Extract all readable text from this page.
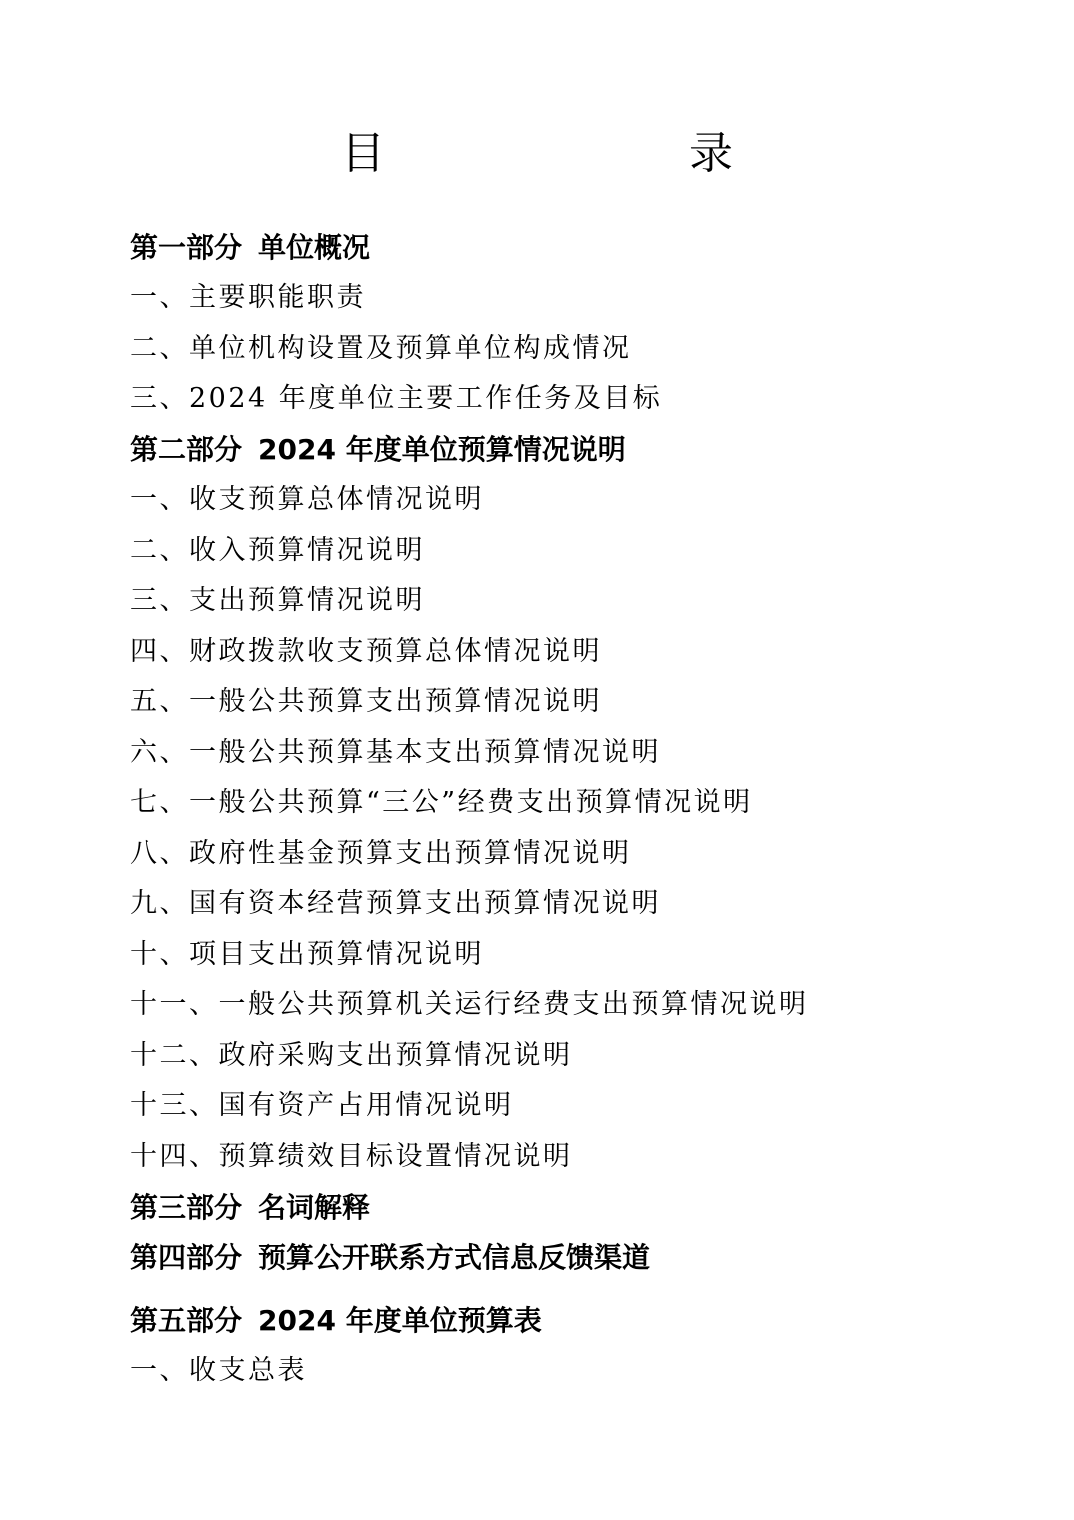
目　　录
第一部分 单位概况
一、主要职能职责
二、单位机构设置及预算单位构成情况
三、2024 年度单位主要工作任务及目标
第二部分 2024 年度单位预算情况说明
一、收支预算总体情况说明
二、收入预算情况说明
三、支出预算情况说明
四、财政拨款收支预算总体情况说明
五、一般公共预算支出预算情况说明
六、一般公共预算基本支出预算情况说明
七、一般公共预算“三公”经费支出预算情况说明
八、政府性基金预算支出预算情况说明
九、国有资本经营预算支出预算情况说明
十、项目支出预算情况说明
十一、一般公共预算机关运行经费支出预算情况说明
十二、政府采购支出预算情况说明
十三、国有资产占用情况说明
十四、预算绩效目标设置情况说明
第三部分 名词解释
第四部分 预算公开联系方式信息反馈渠道
第五部分 2024 年度单位预算表
一、收支总表
